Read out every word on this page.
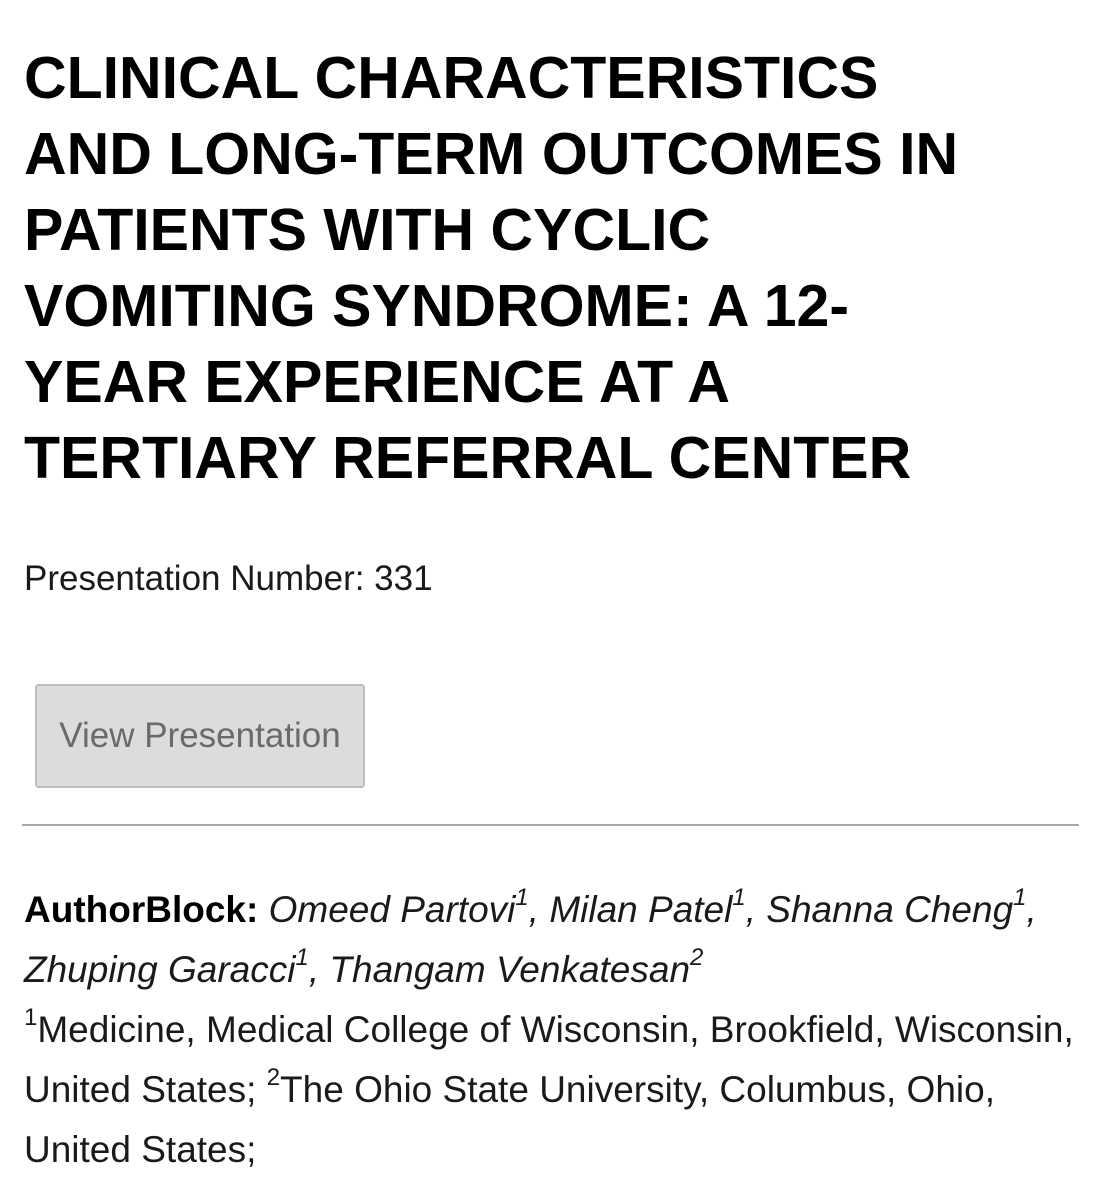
CLINICAL CHARACTERISTICS
AND LONG-TERM OUTCOMES IN
PATIENTS WITH CYCLIC
VOMITING SYNDROME: A 12-
YEAR EXPERIENCE AT A
TERTIARY REFERRAL CENTER
Presentation Number: 331
View Presentation
AuthorBlock: Omeed Partovi$^1$, Milan Patel$^1$, Shanna Cheng$^1$, Zhuping Garacci$^1$, Thangam Venkatesan$^2$
$^1$Medicine, Medical College of Wisconsin, Brookfield, Wisconsin, United States; $^2$The Ohio State University, Columbus, Ohio, United States;
